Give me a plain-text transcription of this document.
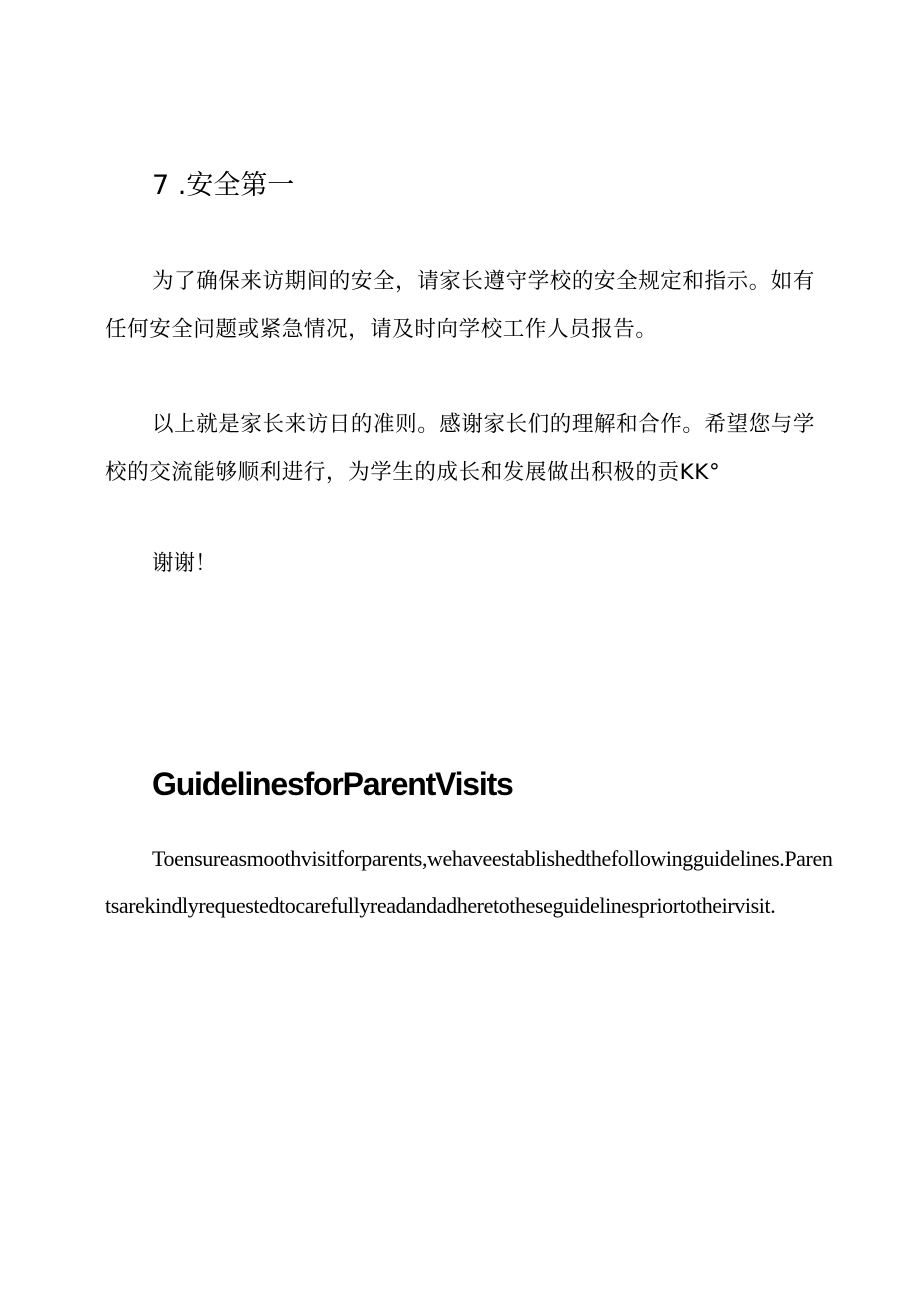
7 .安全第一

为了确保来访期间的安全，请家长遵守学校的安全规定和指示。如有任何安全问题或紧急情况，请及时向学校工作人员报告。

以上就是家长来访日的准则。感谢家长们的理解和合作。希望您与学校的交流能够顺利进行，为学生的成长和发展做出积极的贡KK°

谢谢！
GuidelinesforParentVisits

Toensureasmoothvisitforparents,wehaveestablishedthefollowingguidelines.Parentsarekindlyrequestedtocarefullyreadandadheretotheseguidelinespriortotheirvisit.
